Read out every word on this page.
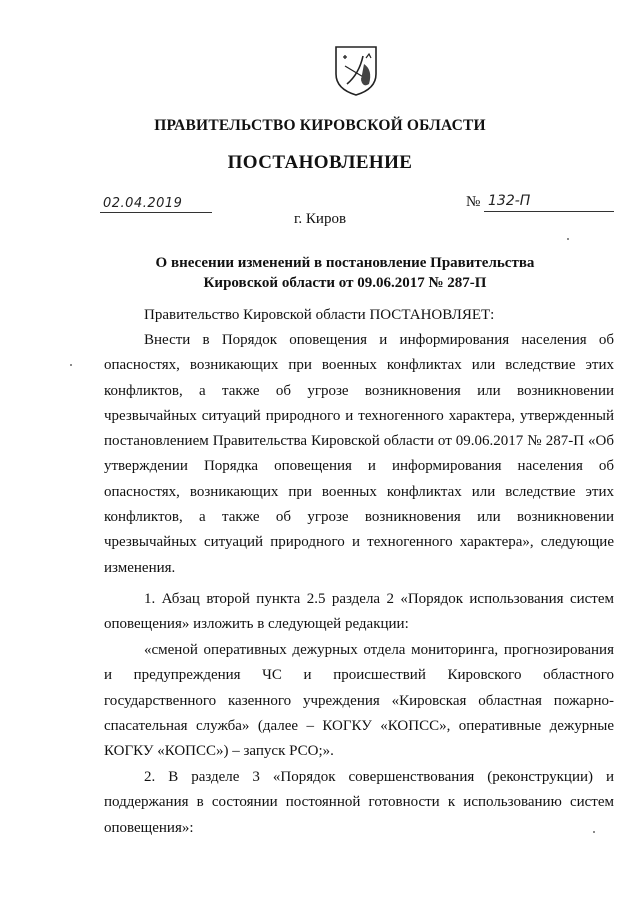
ПРАВИТЕЛЬСТВО КИРОВСКОЙ ОБЛАСТИ
ПОСТАНОВЛЕНИЕ
02.04.2019	№ 132-П
г. Киров
О внесении изменений в постановление Правительства Кировской области от 09.06.2017 № 287-П
Правительство Кировской области ПОСТАНОВЛЯЕТ:
Внести в Порядок оповещения и информирования населения об опасностях, возникающих при военных конфликтах или вследствие этих конфликтов, а также об угрозе возникновения или возникновении чрезвычайных ситуаций природного и техногенного характера, утвержденный постановлением Правительства Кировской области от 09.06.2017 № 287-П «Об утверждении Порядка оповещения и информирования населения об опасностях, возникающих при военных конфликтах или вследствие этих конфликтов, а также об угрозе возникновения или возникновении чрезвычайных ситуаций природного и техногенного характера», следующие изменения.
1. Абзац второй пункта 2.5 раздела 2 «Порядок использования систем оповещения» изложить в следующей редакции:
«сменой оперативных дежурных отдела мониторинга, прогнозирования и предупреждения ЧС и происшествий Кировского областного государственного казенного учреждения «Кировская областная пожарно-спасательная служба» (далее – КОГКУ «КОПСС», оперативные дежурные КОГКУ «КОПСС») – запуск РСО;».
2. В разделе 3 «Порядок совершенствования (реконструкции) и поддержания в состоянии постоянной готовности к использованию систем оповещения»:
